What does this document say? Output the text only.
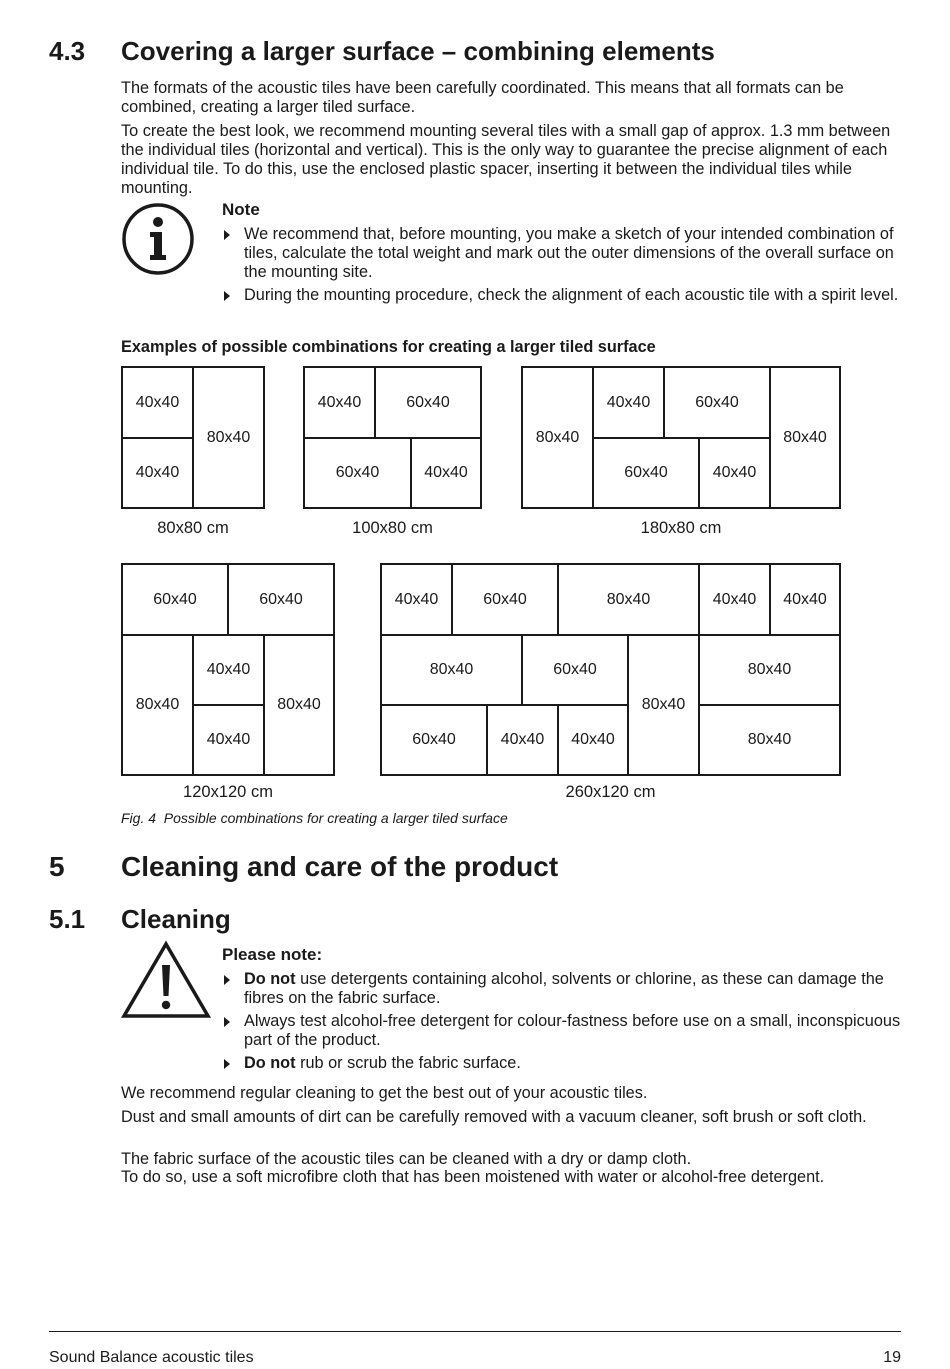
4.3 Covering a larger surface – combining elements
The formats of the acoustic tiles have been carefully coordinated. This means that all formats can be combined, creating a larger tiled surface.
To create the best look, we recommend mounting several tiles with a small gap of approx. 1.3 mm between the individual tiles (horizontal and vertical). This is the only way to guarantee the precise alignment of each individual tile. To do this, use the enclosed plastic spacer, inserting it between the individual tiles while mounting.
Note
We recommend that, before mounting, you make a sketch of your intended combination of tiles, calculate the total weight and mark out the outer dimensions of the overall surface on the mounting site.
During the mounting procedure, check the alignment of each acoustic tile with a spirit level.
Examples of possible combinations for creating a larger tiled surface
40x40
80x40
40x40
80x80 cm
40x40	60x40
60x40	40x40
100x80 cm
80x40
40x40	60x40
80x40
60x40	40x40
180x80 cm
60x40	60x40
80x40
40x40
80x40
40x40
120x120 cm
40x40	60x40	80x40	40x40	40x40
80x40	60x40
80x40
80x40
60x40	40x40	40x40	80x40
260x120 cm
Fig. 4 Possible combinations for creating a larger tiled surface
5 Cleaning and care of the product
5.1 Cleaning
Please note:
Do not use detergents containing alcohol, solvents or chlorine, as these can damage the fibres on the fabric surface.
Always test alcohol-free detergent for colour-fastness before use on a small, inconspicuous part of the product.
Do not rub or scrub the fabric surface.
We recommend regular cleaning to get the best out of your acoustic tiles.
Dust and small amounts of dirt can be carefully removed with a vacuum cleaner, soft brush or soft cloth.
The fabric surface of the acoustic tiles can be cleaned with a dry or damp cloth.
To do so, use a soft microfibre cloth that has been moistened with water or alcohol-free detergent.
Sound Balance acoustic tiles	19
